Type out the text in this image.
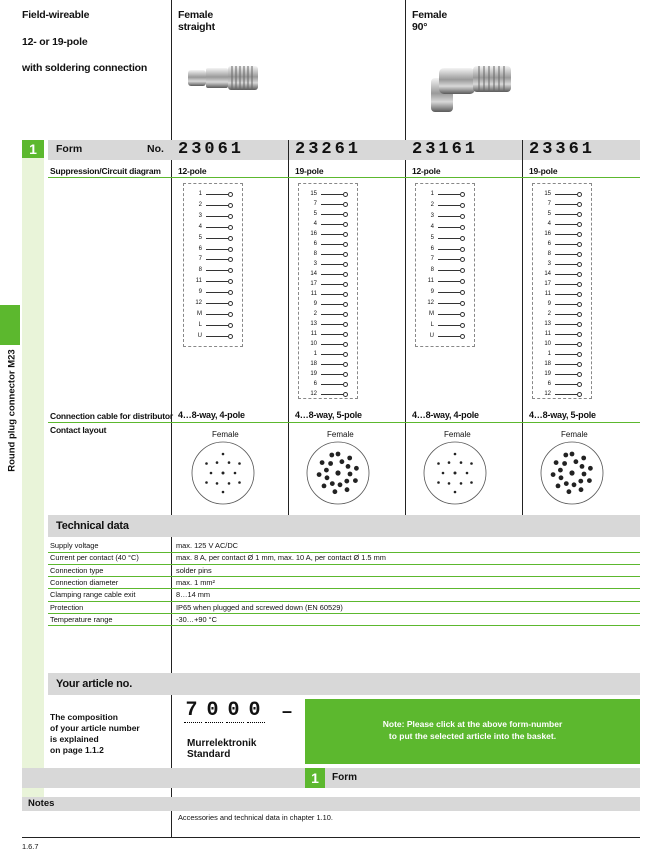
Field-wireable
12- or 19-pole
with soldering connection
Female
straight
Female
90°
1
Round plug connector M23
Form	No. 23061	23261	23161	23361
Suppression/Circuit diagram 12-pole	19-pole	12-pole	19-pole
1
2
3
4
5
6
7
8
11
9
12
M
L
U
15
7
5
4
16
6
8
3
14
17
11
9
2
13
11
10
1
18
19
6
12
1
2
3
4
5
6
7
8
11
9
12
M
L
U
15
7
5
4
16
6
8
3
14
17
11
9
2
13
11
10
1
18
19
6
12
Connection cable for distributor 4…8-way, 4-pole	4…8-way, 5-pole	4…8-way, 4-pole	4…8-way, 5-pole
Contact layout	Female	Female	Female	Female
Technical data
Supply voltage	max. 125 V AC/DC
Current per contact (40 °C)	max. 8 A, per contact Ø 1 mm, max. 10 A, per contact Ø 1.5 mm
Connection type	solder pins
Connection diameter	max. 1 mm²
Clamping range cable exit	8…14 mm
Protection	IP65 when plugged and screwed down (EN 60529)
Temperature range	-30…+90 °C
Your article no.
The composition
of your article number
is explained
on page 1.1.2
7 0 0 0 –
Murrelektronik
Standard
Note: Please click at the above form-number
to put the selected article into the basket.
1	Form
Notes
Accessories and technical data in chapter 1.10.
1.6.7
